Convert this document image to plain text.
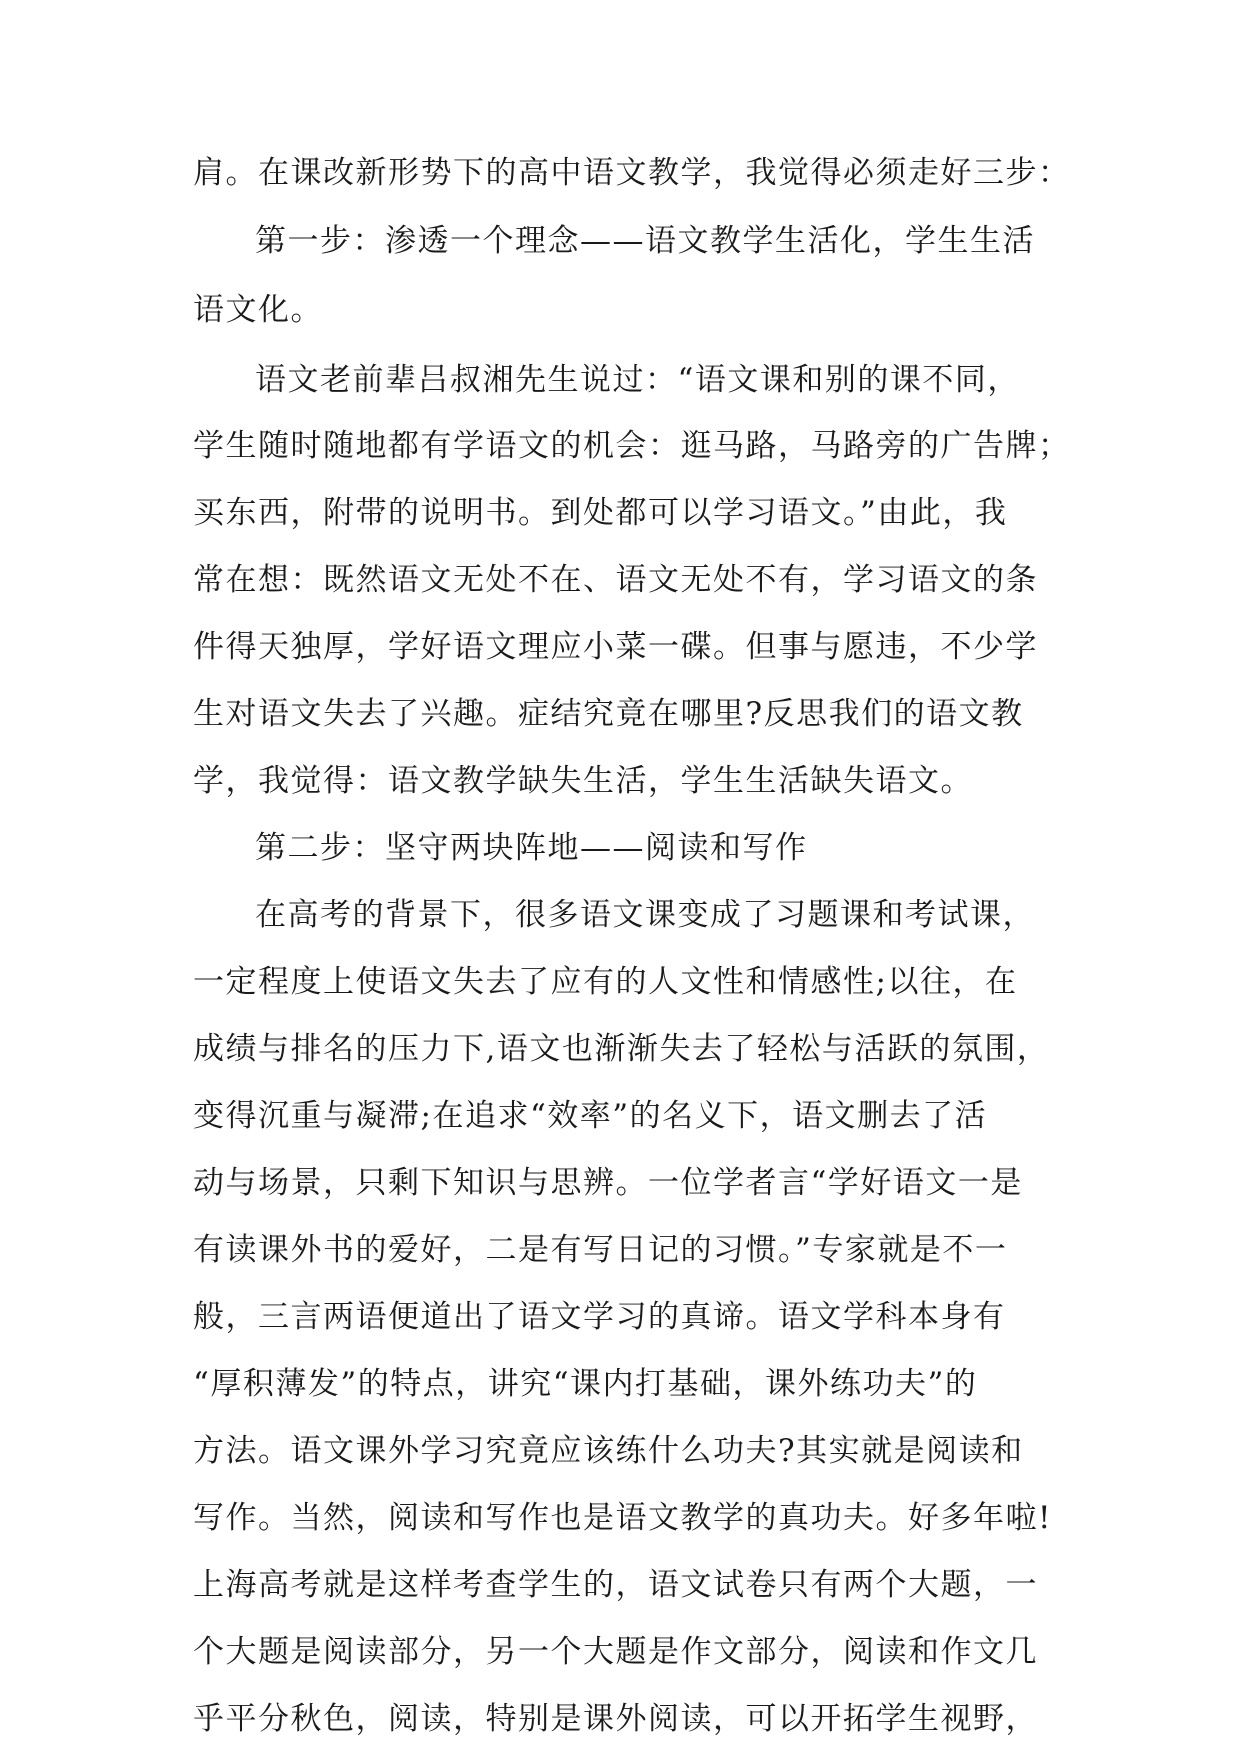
肩。在课改新形势下的高中语文教学，我觉得必须走好三步：
第一步：渗透一个理念——语文教学生活化，学生生活
语文化。
语文老前辈吕叔湘先生说过：“语文课和别的课不同，
学生随时随地都有学语文的机会：逛马路，马路旁的广告牌；
买东西，附带的说明书。到处都可以学习语文。”由此，我
常在想：既然语文无处不在、语文无处不有，学习语文的条
件得天独厚，学好语文理应小菜一碟。但事与愿违，不少学
生对语文失去了兴趣。症结究竟在哪里?反思我们的语文教
学，我觉得：语文教学缺失生活，学生生活缺失语文。
第二步：坚守两块阵地——阅读和写作
在高考的背景下，很多语文课变成了习题课和考试课，
一定程度上使语文失去了应有的人文性和情感性;以往，在
成绩与排名的压力下,语文也渐渐失去了轻松与活跃的氛围，
变得沉重与凝滞;在追求“效率”的名义下，语文删去了活
动与场景，只剩下知识与思辨。一位学者言“学好语文一是
有读课外书的爱好，二是有写日记的习惯。”专家就是不一
般，三言两语便道出了语文学习的真谛。语文学科本身有
“厚积薄发”的特点，讲究“课内打基础，课外练功夫”的
方法。语文课外学习究竟应该练什么功夫?其实就是阅读和
写作。当然，阅读和写作也是语文教学的真功夫。好多年啦!
上海高考就是这样考查学生的，语文试卷只有两个大题，一
个大题是阅读部分，另一个大题是作文部分，阅读和作文几
乎平分秋色，阅读，特别是课外阅读，可以开拓学生视野，
